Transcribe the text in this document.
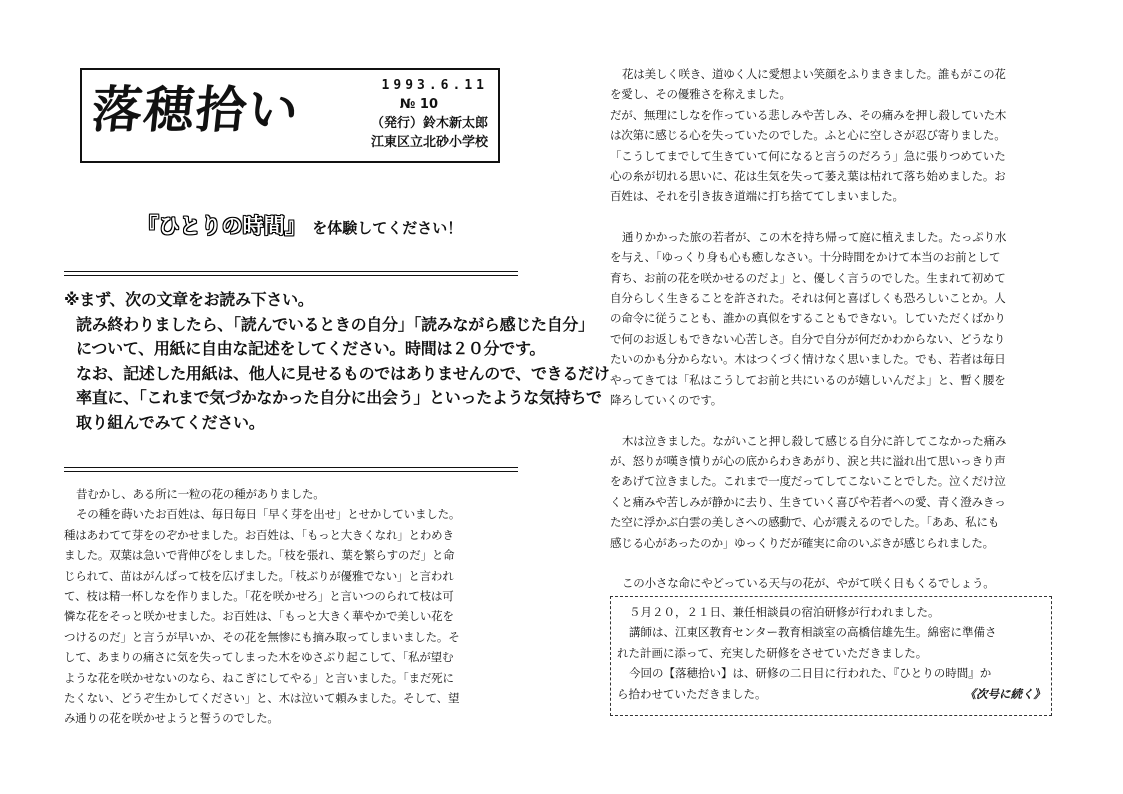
落穂拾い	1993.6.11
№ 10
（発行）鈴木新太郎
江東区立北砂小学校
『ひとりの時間』 を体験してください！

※まず、次の文章をお読み下さい。

読み終わりましたら、「読んでいるときの自分」「読みながら感じた自分」

について、用紙に自由な記述をしてください。時間は２０分です。

なお、記述した用紙は、他人に見せるものではありませんので、できるだけ

率直に、「これまで気づかなかった自分に出会う」といったような気持ちで

取り組んでみてください。

昔むかし、ある所に一粒の花の種がありました。

その種を蒔いたお百姓は、毎日毎日「早く芽を出せ」とせかしていました。

種はあわてて芽をのぞかせました。お百姓は、「もっと大きくなれ」とわめき

ました。双葉は急いで背伸びをしました。「枝を張れ、葉を繁らすのだ」と命

じられて、苗はがんばって枝を広げました。「枝ぶりが優雅でない」と言われ

て、枝は精一杯しなを作りました。「花を咲かせろ」と言いつのられて枝は可

憐な花をそっと咲かせました。お百姓は、「もっと大きく華やかで美しい花を

つけるのだ」と言うが早いか、その花を無惨にも摘み取ってしまいました。そ

して、あまりの痛さに気を失ってしまった木をゆさぶり起こして、「私が望む

ような花を咲かせないのなら、ねこぎにしてやる」と言いました。「まだ死に

たくない、どうぞ生かしてください」と、木は泣いて頼みました。そして、望

み通りの花を咲かせようと誓うのでした。

花は美しく咲き、道ゆく人に愛想よい笑顔をふりまきました。誰もがこの花

を愛し、その優雅さを称えました。

だが、無理にしなを作っている悲しみや苦しみ、その痛みを押し殺していた木

は次第に感じる心を失っていたのでした。ふと心に空しさが忍び寄りました。

「こうしてまでして生きていて何になると言うのだろう」急に張りつめていた

心の糸が切れる思いに、花は生気を失って萎え葉は枯れて落ち始めました。お

百姓は、それを引き抜き道端に打ち捨ててしまいました。

通りかかった旅の若者が、この木を持ち帰って庭に植えました。たっぷり水

を与え、「ゆっくり身も心も癒しなさい。十分時間をかけて本当のお前として

育ち、お前の花を咲かせるのだよ」と、優しく言うのでした。生まれて初めて

自分らしく生きることを許された。それは何と喜ばしくも恐ろしいことか。人

の命令に従うことも、誰かの真似をすることもできない。していただくばかり

で何のお返しもできない心苦しさ。自分で自分が何だかわからない、どうなり

たいのかも分からない。木はつくづく情けなく思いました。でも、若者は毎日

やってきては「私はこうしてお前と共にいるのが嬉しいんだよ」と、暫く腰を

降ろしていくのです。

木は泣きました。ながいこと押し殺して感じる自分に許してこなかった痛み

が、怒りが嘆き憤りが心の底からわきあがり、涙と共に溢れ出て思いっきり声

をあげて泣きました。これまで一度だってしてこないことでした。泣くだけ泣

くと痛みや苦しみが静かに去り、生きていく喜びや若者への愛、青く澄みきっ

た空に浮かぶ白雲の美しさへの感動で、心が震えるのでした。「ああ、私にも

感じる心があったのか」ゆっくりだが確実に命のいぶきが感じられました。

この小さな命にやどっている天与の花が、やがて咲く日もくるでしょう。

５月２０，２１日、兼任相談員の宿泊研修が行われました。

講師は、江東区教育センター教育相談室の高橋信雄先生。綿密に準備さ

れた計画に添って、充実した研修をさせていただきました。

今回の【落穂拾い】は、研修の二日目に行われた、『ひとりの時間』か

ら拾わせていただきました。	《次号に続く》
